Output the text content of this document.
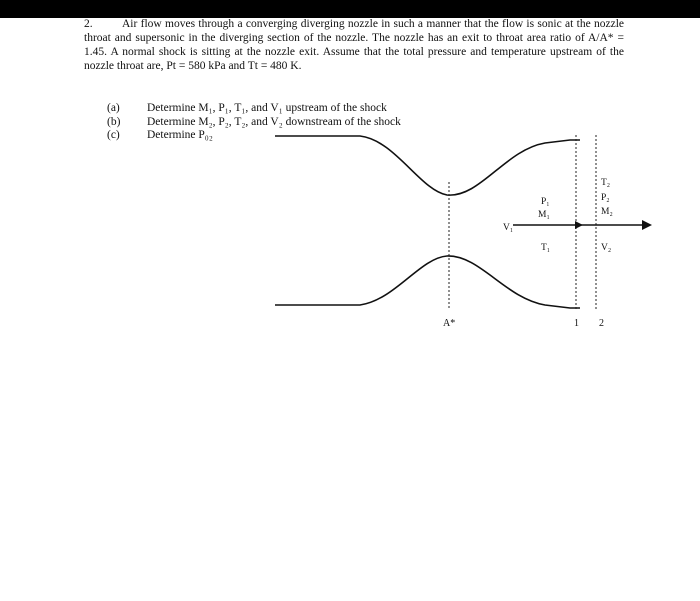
2.	Air flow moves through a converging diverging nozzle in such a manner that the flow is sonic at the nozzle throat and supersonic in the diverging section of the nozzle. The nozzle has an exit to throat area ratio of A/A* = 1.45. A normal shock is sitting at the nozzle exit. Assume that the total pressure and temperature upstream of the nozzle throat are, Pt = 580 kPa and Tt = 480 K.

(a)	Determine M₁, P₁, T₁, and V₁ upstream of the shock
(b)	Determine M₂, P₂, T₂, and V₂ downstream of the shock
(c)	Determine P₀₂
A*	1 2
P₁
M₁
V₁
T₁
T₂
P₂
M₂
V₂
